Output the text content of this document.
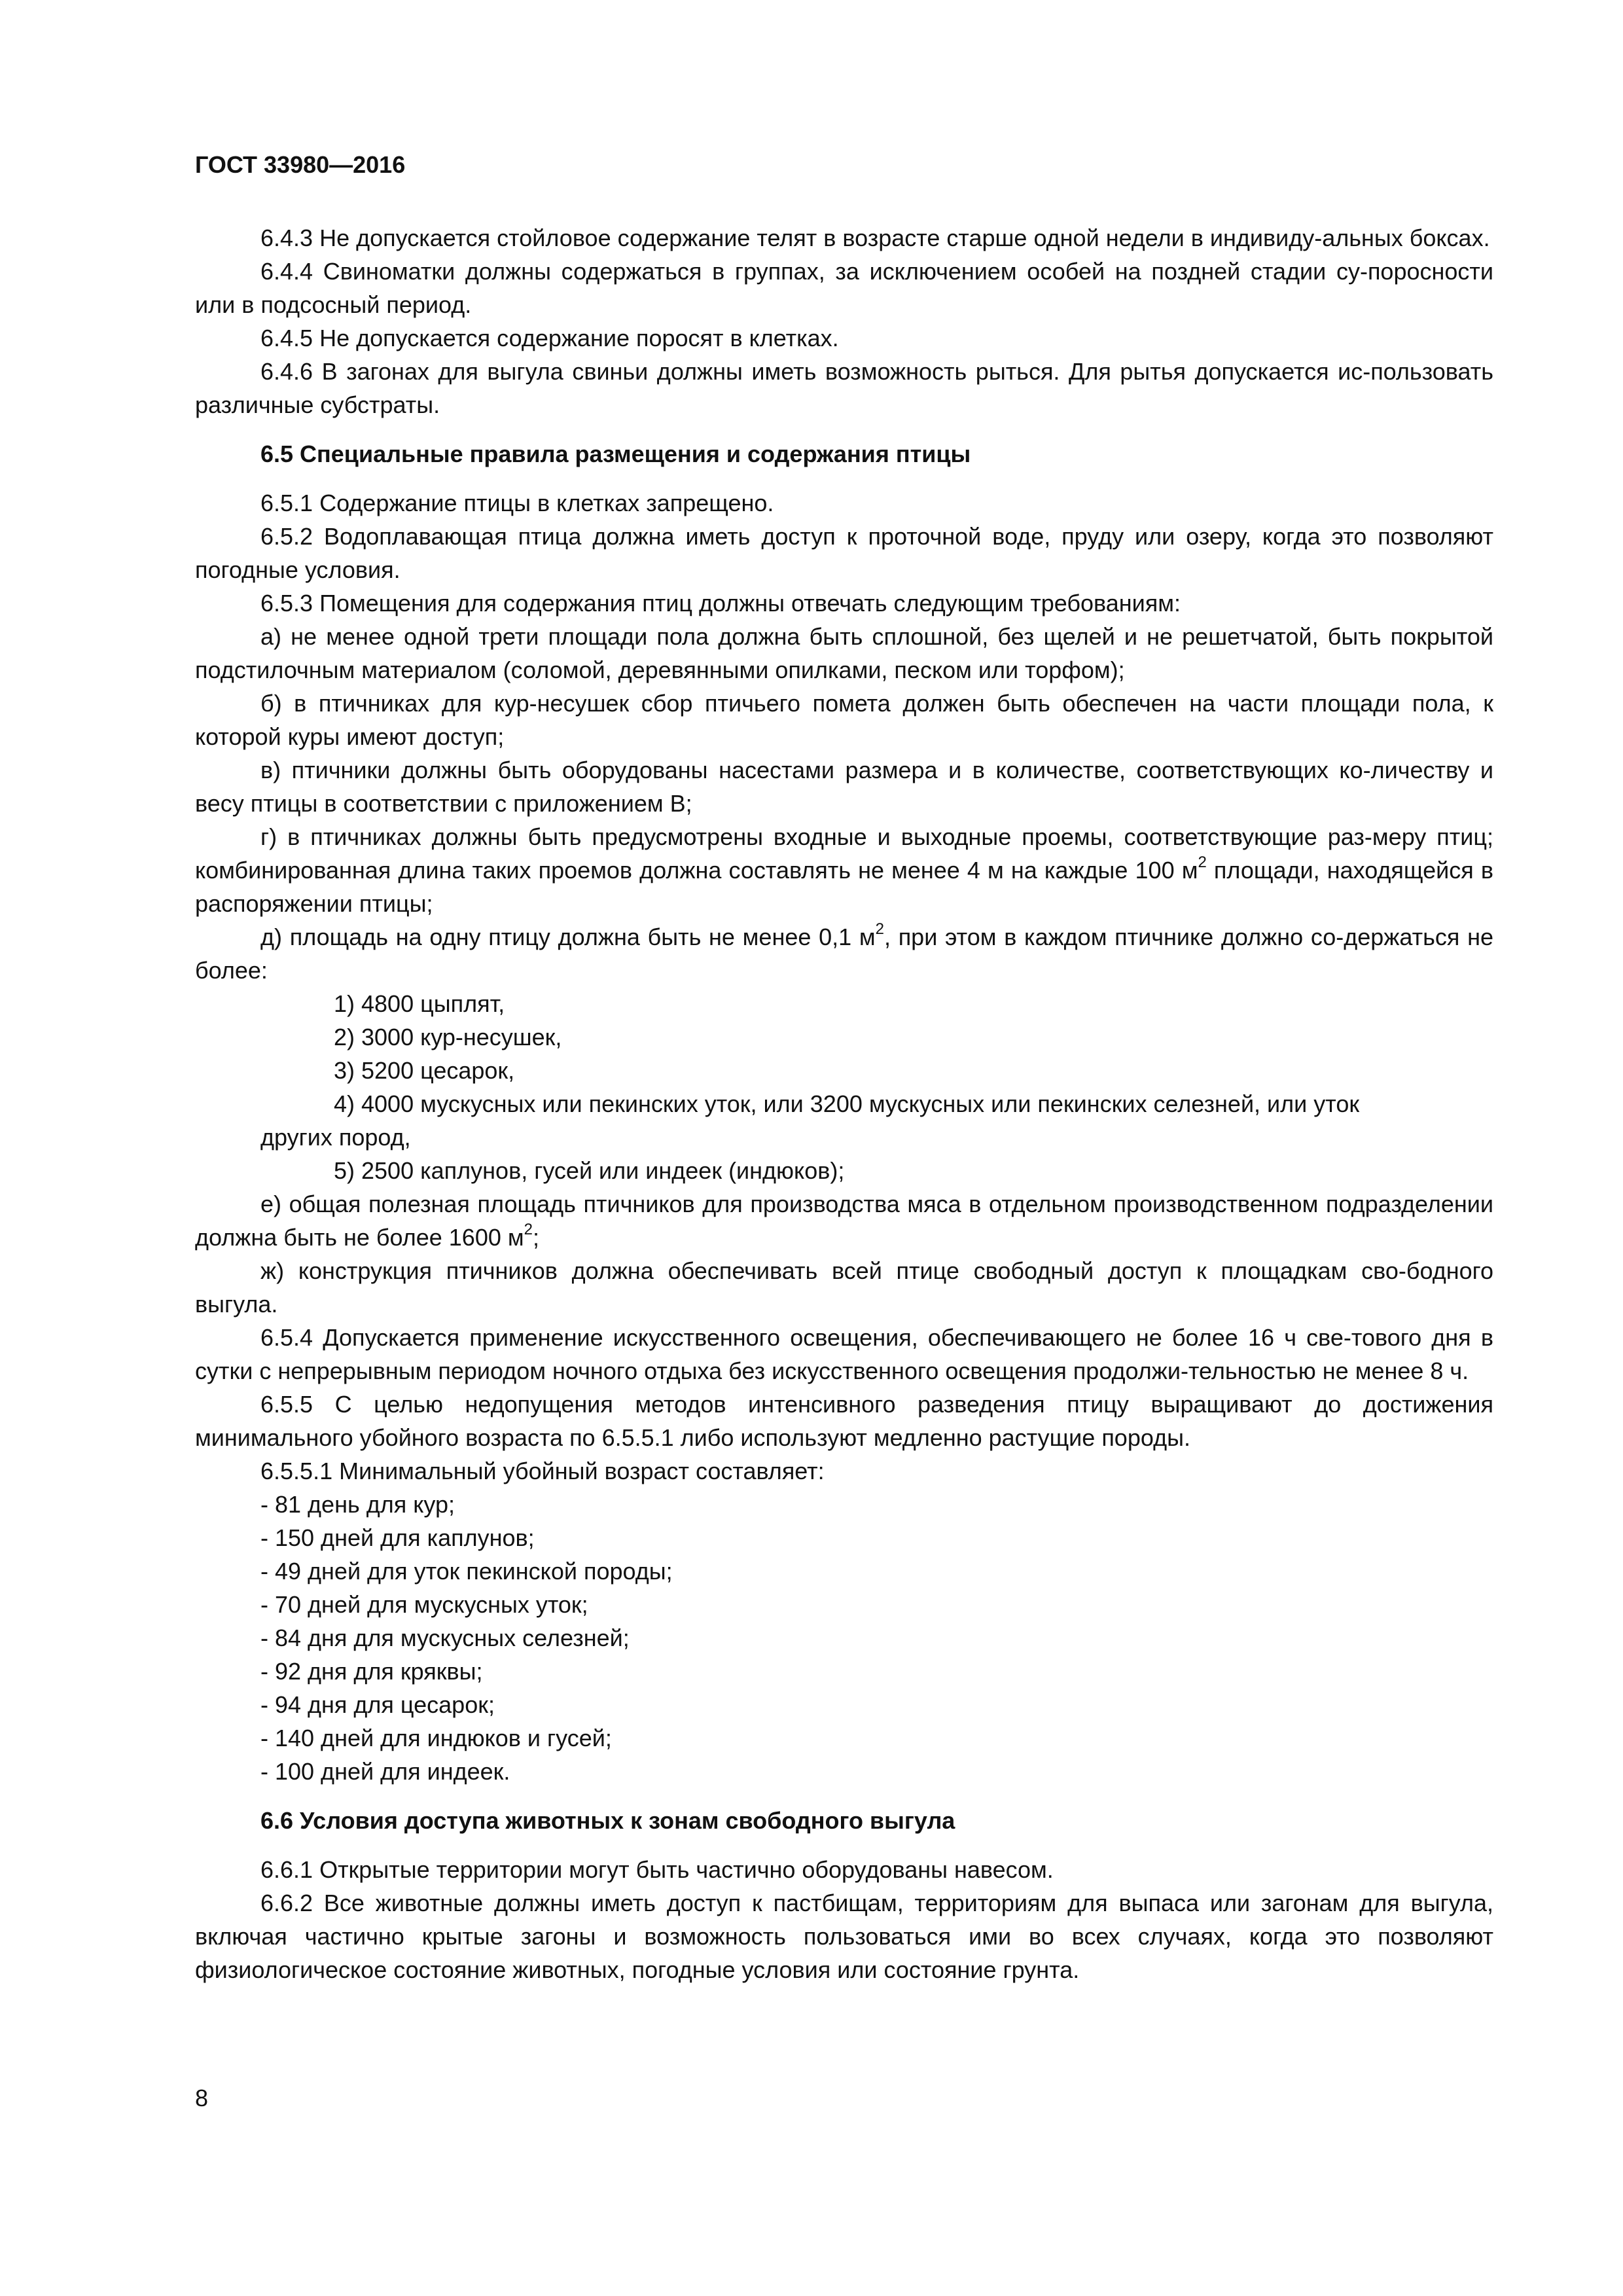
ГОСТ 33980—2016

6.4.3 Не допускается стойловое содержание телят в возрасте старше одной недели в индивиду-альных боксах.

6.4.4 Свиноматки должны содержаться в группах, за исключением особей на поздней стадии су-поросности или в подсосный период.

6.4.5 Не допускается содержание поросят в клетках.

6.4.6 В загонах для выгула свиньи должны иметь возможность рыться. Для рытья допускается ис-пользовать различные субстраты.

6.5 Специальные правила размещения и содержания птицы

6.5.1 Содержание птицы в клетках запрещено.

6.5.2 Водоплавающая птица должна иметь доступ к проточной воде, пруду или озеру, когда это позволяют погодные условия.

6.5.3 Помещения для содержания птиц должны отвечать следующим требованиям:

а) не менее одной трети площади пола должна быть сплошной, без щелей и не решетчатой, быть покрытой подстилочным материалом (соломой, деревянными опилками, песком или торфом);

б) в птичниках для кур-несушек сбор птичьего помета должен быть обеспечен на части площади пола, к которой куры имеют доступ;

в) птичники должны быть оборудованы насестами размера и в количестве, соответствующих ко-личеству и весу птицы в соответствии с приложением В;

г) в птичниках должны быть предусмотрены входные и выходные проемы, соответствующие раз-меру птиц; комбинированная длина таких проемов должна составлять не менее 4 м на каждые 100 $м^2$ площади, находящейся в распоряжении птицы;

д) площадь на одну птицу должна быть не менее 0,1 $м^2$, при этом в каждом птичнике должно со-держаться не более:

1) 4800 цыплят,

2) 3000 кур-несушек,

3) 5200 цесарок,

4) 4000 мускусных или пекинских уток, или 3200 мускусных или пекинских селезней, или уток

других пород,

5) 2500 каплунов, гусей или индеек (индюков);

е) общая полезная площадь птичников для производства мяса в отдельном производственном подразделении должна быть не более 1600 $м^2$;

ж) конструкция птичников должна обеспечивать всей птице свободный доступ к площадкам сво-бодного выгула.

6.5.4 Допускается применение искусственного освещения, обеспечивающего не более 16 ч све-тового дня в сутки с непрерывным периодом ночного отдыха без искусственного освещения продолжи-тельностью не менее 8 ч.

6.5.5 С целью недопущения методов интенсивного разведения птицу выращивают до достижения минимального убойного возраста по 6.5.5.1 либо используют медленно растущие породы.

6.5.5.1 Минимальный убойный возраст составляет:

- 81 день для кур;

- 150 дней для каплунов;

- 49 дней для уток пекинской породы;

- 70 дней для мускусных уток;

- 84 дня для мускусных селезней;

- 92 дня для кряквы;

- 94 дня для цесарок;

- 140 дней для индюков и гусей;

- 100 дней для индеек.

6.6 Условия доступа животных к зонам свободного выгула

6.6.1 Открытые территории могут быть частично оборудованы навесом.

6.6.2 Все животные должны иметь доступ к пастбищам, территориям для выпаса или загонам для выгула, включая частично крытые загоны и возможность пользоваться ими во всех случаях, когда это позволяют физиологическое состояние животных, погодные условия или состояние грунта.

8
